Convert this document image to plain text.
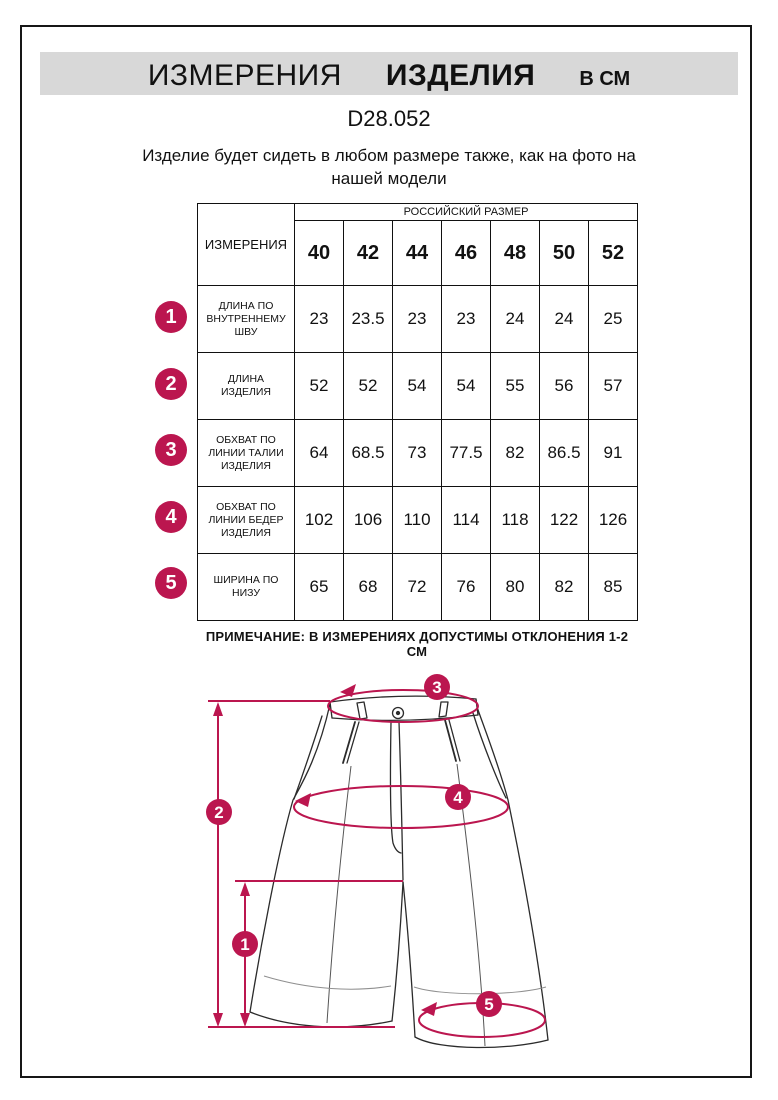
ИЗМЕРЕНИЯ ИЗДЕЛИЯ В СМ
D28.052
Изделие будет сидеть в любом размере также, как на фото на
нашей модели
ИЗМЕРЕНИЯ	РОССИЙСКИЙ РАЗМЕР						
	40	42	44	46	48	50	52
ДЛИНА ПО ВНУТРЕННЕМУ ШВУ	23	23.5	23	23	24	24	25
ДЛИНА ИЗДЕЛИЯ	52	52	54	54	55	56	57
ОБХВАТ ПО ЛИНИИ ТАЛИИ ИЗДЕЛИЯ	64	68.5	73	77.5	82	86.5	91
ОБХВАТ ПО ЛИНИИ БЕДЕР ИЗДЕЛИЯ	102	106	110	114	118	122	126
ШИРИНА ПО НИЗУ	65	68	72	76	80	82	85
1
2
3
4
5
ПРИМЕЧАНИЕ: В ИЗМЕРЕНИЯХ ДОПУСТИМЫ ОТКЛОНЕНИЯ 1-2 СМ
1
2
3
4
5
